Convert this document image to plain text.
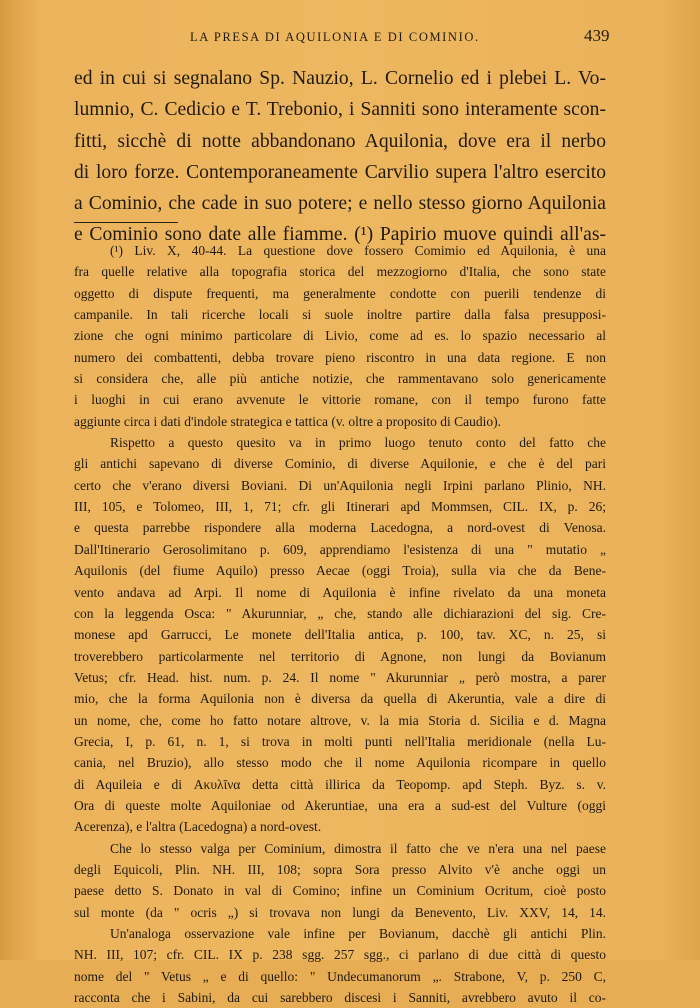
LA PRESA DI AQUILONIA E DI COMINIO.	439
ed in cui si segnalano Sp. Nauzio, L. Cornelio ed i plebei L. Vo-
lumnio, C. Cedicio e T. Trebonio, i Sanniti sono interamente scon-
fitti, sicchè di notte abbandonano Aquilonia, dove era il nerbo
di loro forze. Contemporaneamente Carvilio supera l'altro esercito
a Cominio, che cade in suo potere; e nello stesso giorno Aquilonia
e Cominio sono date alle fiamme. (¹) Papirio muove quindi all'as-
(¹) Liv. X, 40-44. La questione dove fossero Comimio ed Aquilonia, è una
fra quelle relative alla topografia storica del mezzogiorno d'Italia, che sono state
oggetto di dispute frequenti, ma generalmente condotte con puerili tendenze di
campanile. In tali ricerche locali si suole inoltre partire dalla falsa presupposi-
zione che ogni minimo particolare di Livio, come ad es. lo spazio necessario al
numero dei combattenti, debba trovare pieno riscontro in una data regione. E non
si considera che, alle più antiche notizie, che rammentavano solo genericamente
i luoghi in cui erano avvenute le vittorie romane, con il tempo furono fatte
aggiunte circa i dati d'indole strategica e tattica (v. oltre a proposito di Caudio).
Rispetto a questo quesito va in primo luogo tenuto conto del fatto che
gli antichi sapevano di diverse Cominio, di diverse Aquilonie, e che è del pari
certo che v'erano diversi Boviani. Di un'Aquilonia negli Irpini parlano Plinio, NH.
III, 105, e Tolomeo, III, 1, 71; cfr. gli Itinerari apd Mommsen, CIL. IX, p. 26;
e questa parrebbe rispondere alla moderna Lacedogna, a nord-ovest di Venosa.
Dall'Itinerario Gerosolimitano p. 609, apprendiamo l'esistenza di una " mutatio „
Aquilonis (del fiume Aquilo) presso Aecae (oggi Troia), sulla via che da Bene-
vento andava ad Arpi. Il nome di Aquilonia è infine rivelato da una moneta
con la leggenda Osca: " Akurunniar, „ che, stando alle dichiarazioni del sig. Cre-
monese apd Garrucci, Le monete dell'Italia antica, p. 100, tav. XC, n. 25, si
troverebbero particolarmente nel territorio di Agnone, non lungi da Bovianum
Vetus; cfr. Head. hist. num. p. 24. Il nome " Akurunniar „ però mostra, a parer
mio, che la forma Aquilonia non è diversa da quella di Akeruntia, vale a dire di
un nome, che, come ho fatto notare altrove, v. la mia Storia d. Sicilia e d. Magna
Grecia, I, p. 61, n. 1, si trova in molti punti nell'Italia meridionale (nella Lu-
cania, nel Bruzio), allo stesso modo che il nome Aquilonia ricompare in quello
di Aquileia e di Ακυλῖνα detta città illirica da Teopomp. apd Steph. Byz. s. v.
Ora di queste molte Aquiloniae od Akeruntiae, una era a sud-est del Vulture (oggi
Acerenza), e l'altra (Lacedogna) a nord-ovest.
Che lo stesso valga per Cominium, dimostra il fatto che ve n'era una nel paese
degli Equicoli, Plin. NH. III, 108; sopra Sora presso Alvito v'è anche oggi un
paese detto S. Donato in val di Comino; infine un Cominium Ocritum, cioè posto
sul monte (da " ocris „) si trovava non lungi da Benevento, Liv. XXV, 14, 14.
Un'analoga osservazione vale infine per Bovianum, dacchè gli antichi Plin.
NH. III, 107; cfr. CIL. IX p. 238 sgg. 257 sgg., ci parlano di due città di questo
nome del " Vetus „ e di quello: " Undecumanorum „. Strabone, V, p. 250 C,
racconta che i Sabini, da cui sarebbero discesi i Sanniti, avrebbero avuto il co-
